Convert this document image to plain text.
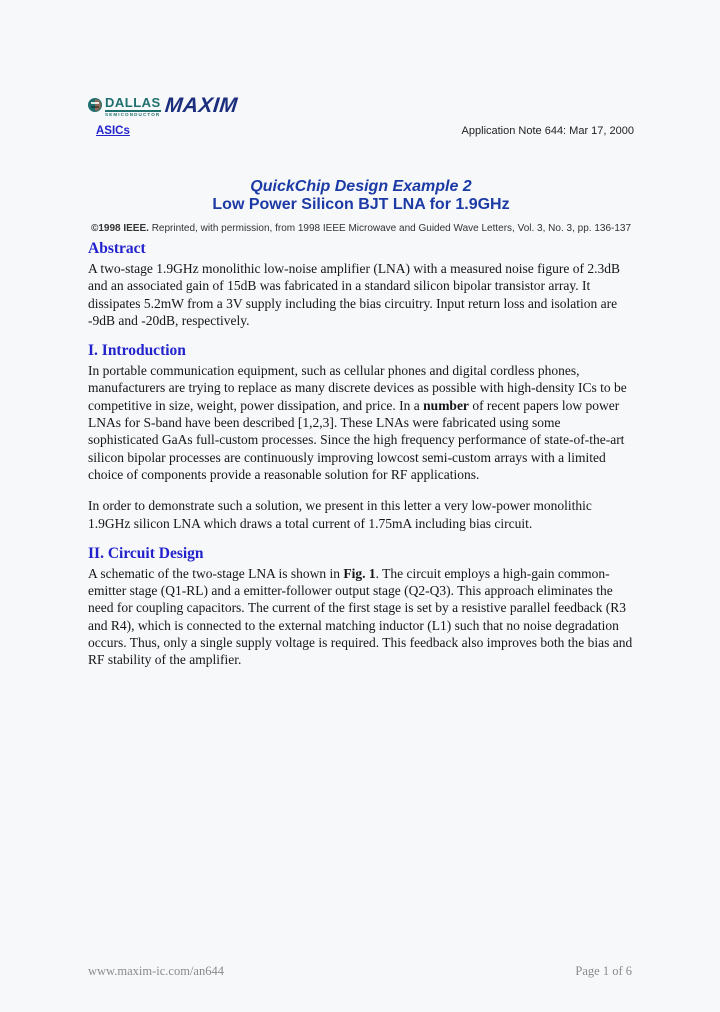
DALLAS
SEMICONDUCTOR MAXIM
ASICs	Application Note 644: Mar 17, 2000
QuickChip Design Example 2
Low Power Silicon BJT LNA for 1.9GHz
©1998 IEEE. Reprinted, with permission, from 1998 IEEE Microwave and Guided Wave Letters, Vol. 3, No. 3, pp. 136-137
Abstract
A two-stage 1.9GHz monolithic low-noise amplifier (LNA) with a measured noise figure of 2.3dB and an associated gain of 15dB was fabricated in a standard silicon bipolar transistor array. It dissipates 5.2mW from a 3V supply including the bias circuitry. Input return loss and isolation are -9dB and -20dB, respectively.
I. Introduction
In portable communication equipment, such as cellular phones and digital cordless phones, manufacturers are trying to replace as many discrete devices as possible with high-density ICs to be competitive in size, weight, power dissipation, and price. In a number of recent papers low power LNAs for S-band have been described [1,2,3]. These LNAs were fabricated using some sophisticated GaAs full-custom processes. Since the high frequency performance of state-of-the-art silicon bipolar processes are continuously improving lowcost semi-custom arrays with a limited choice of components provide a reasonable solution for RF applications.
In order to demonstrate such a solution, we present in this letter a very low-power monolithic 1.9GHz silicon LNA which draws a total current of 1.75mA including bias circuit.
II. Circuit Design
A schematic of the two-stage LNA is shown in Fig. 1. The circuit employs a high-gain common-emitter stage (Q1-RL) and a emitter-follower output stage (Q2-Q3). This approach eliminates the need for coupling capacitors. The current of the first stage is set by a resistive parallel feedback (R3 and R4), which is connected to the external matching inductor (L1) such that no noise degradation occurs. Thus, only a single supply voltage is required. This feedback also improves both the bias and RF stability of the amplifier.
www.maxim-ic.com/an644	Page 1 of 6
